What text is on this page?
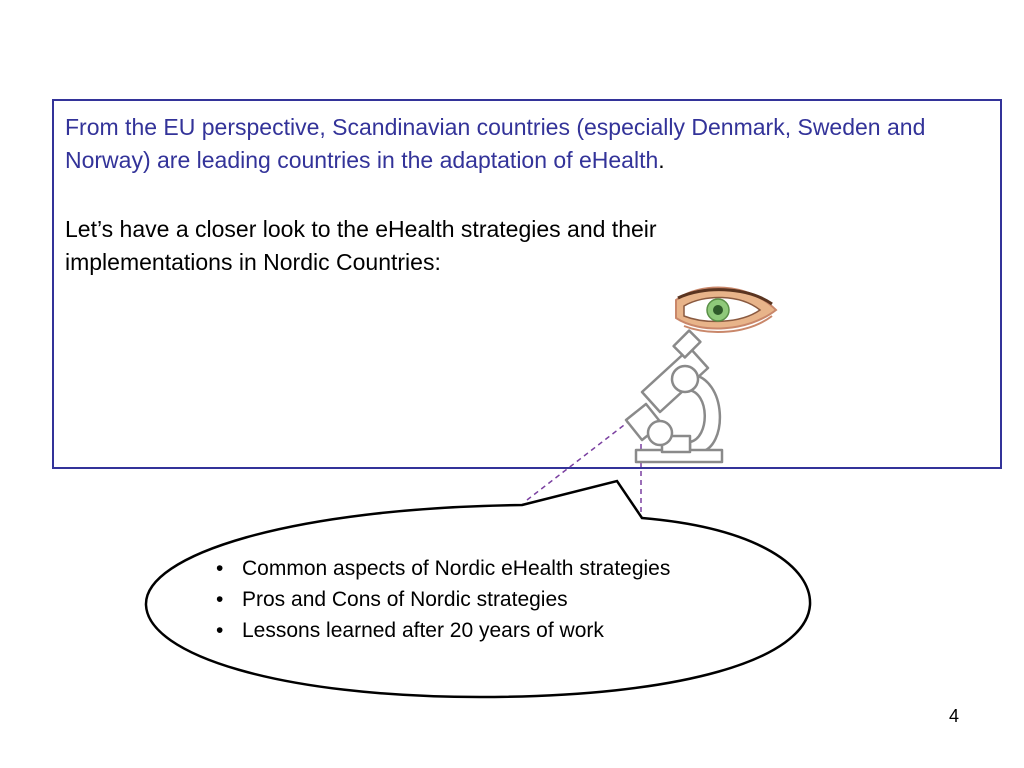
From the EU perspective, Scandinavian countries (especially Denmark, Sweden and Norway) are leading countries in the adaptation of eHealth.

Let’s have a closer look to the eHealth strategies and their implementations in Nordic Countries:

• Common aspects of Nordic eHealth strategies
• Pros and Cons of Nordic strategies
• Lessons learned after 20 years of work
4
